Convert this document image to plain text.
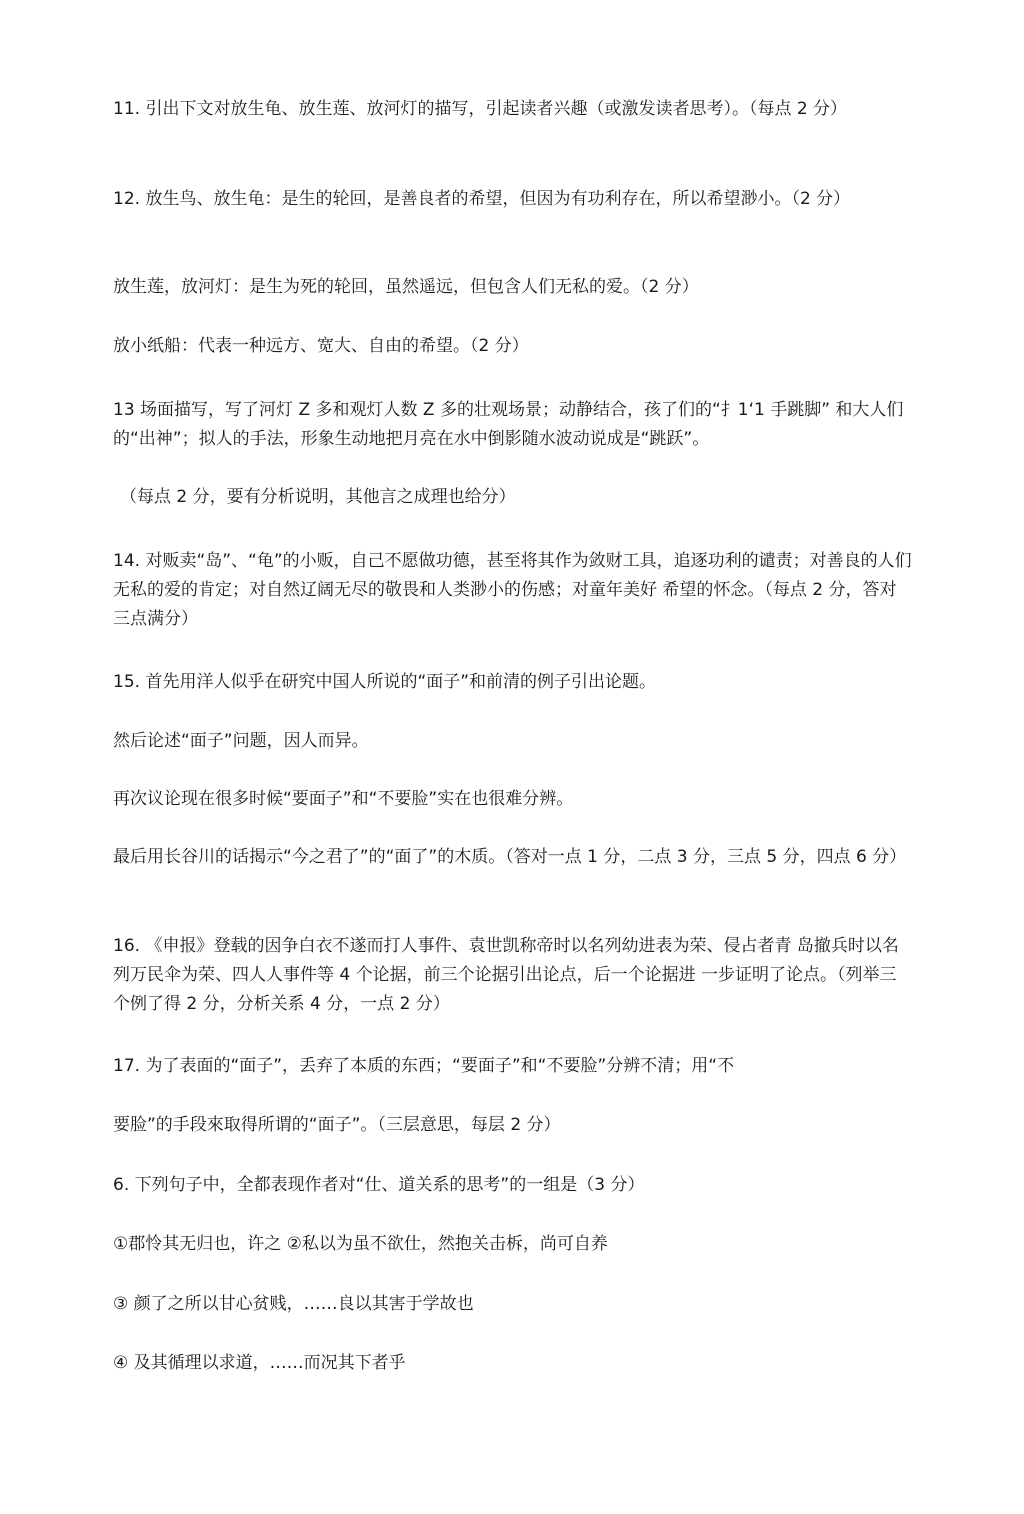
11. 引出下文对放生龟、放生莲、放河灯的描写，引起读者兴趣（或激发读者思考）。（每点 2 分）

12. 放生鸟、放生龟：是生的轮回，是善良者的希望，但因为有功利存在，所以希望渺小。（2 分）

放生莲，放河灯：是生为死的轮回，虽然遥远，但包含人们无私的爱。（2 分）

放小纸船：代表一种远方、宽大、自由的希望。（2 分）

13 场面描写，写了河灯 Z 多和观灯人数 Z 多的壮观场景；动静结合，孩了们的“扌1‘1 手跳脚” 和大人们的“出神”；拟人的手法，形象生动地把月亮在水中倒影随水波动说成是“跳跃”。

（每点 2 分，要有分析说明，其他言之成理也给分）

14. 对贩卖“岛”、“龟”的小贩，自己不愿做功德，甚至将其作为敛财工具，追逐功利的谴责；对善良的人们无私的爱的肯定；对自然辽阔无尽的敬畏和人类渺小的伤感；对童年美好 希望的怀念。（每点 2 分，答对三点满分）

15. 首先用洋人似乎在研究中国人所说的“面子”和前清的例子引出论题。

然后论述“面子”问题，因人而异。

再次议论现在很多时候“要面子”和“不要脸”实在也很难分辨。

最后用长谷川的话揭示“今之君了”的“面了”的木质。（答对一点 1 分，二点 3 分，三点 5 分，四点 6 分）

16. 《申报》登载的因争白衣不遂而打人事件、袁世凯称帝时以名列幼进表为荣、侵占者青 岛撤兵时以名列万民伞为荣、四人人事件等 4 个论据，前三个论据引出论点，后一个论据进 一步证明了论点。（列举三个例了得 2 分，分析关系 4 分，一点 2 分）

17. 为了表面的“面子”，丢弃了本质的东西；“要面子”和“不要脸”分辨不清；用“不

要脸”的手段來取得所谓的“面子”。（三层意思，每层 2 分）

6. 下列句子中，全都表现作者对“仕、道关系的思考”的一组是（3 分）

①郡怜其无归也，许之 ②私以为虽不欲仕，然抱关击柝，尚可自养

③ 颜了之所以甘心贫贱，……良以其害于学故也

④ 及其循理以求道，……而况其下者乎
